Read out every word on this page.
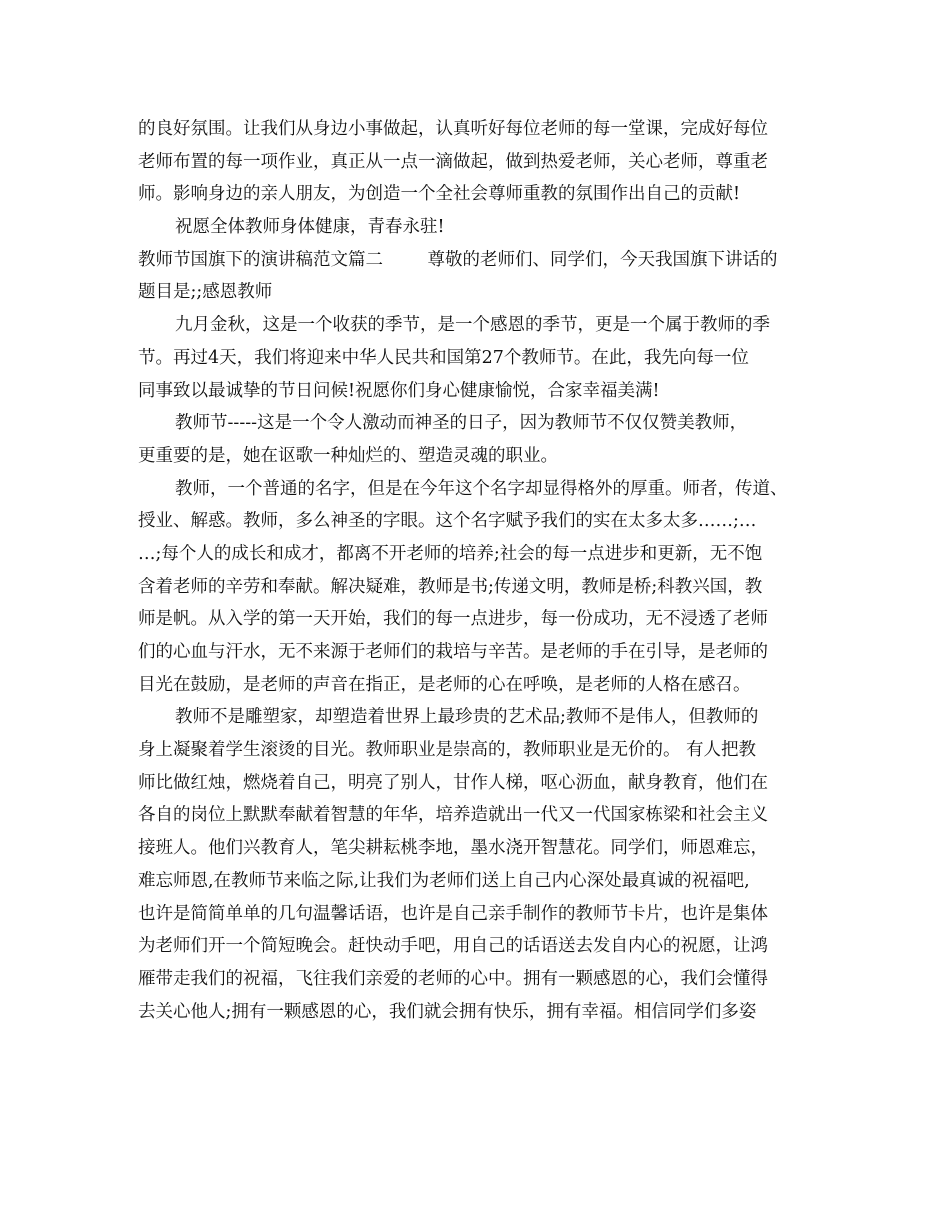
的良好氛围。让我们从身边小事做起，认真听好每位老师的每一堂课，完成好每位
老师布置的每一项作业，真正从一点一滴做起，做到热爱老师，关心老师，尊重老
师。影响身边的亲人朋友，为创造一个全社会尊师重教的氛围作出自己的贡献!
祝愿全体教师身体健康，青春永驻!
教师节国旗下的演讲稿范文篇二        尊敬的老师们、同学们，今天我国旗下讲话的
题目是;;感恩教师
九月金秋，这是一个收获的季节，是一个感恩的季节，更是一个属于教师的季
节。再过4天，我们将迎来中华人民共和国第27个教师节。在此，我先向每一位
同事致以最诚挚的节日问候!祝愿你们身心健康愉悦，合家幸福美满!
教师节-----这是一个令人激动而神圣的日子，因为教师节不仅仅赞美教师，
更重要的是，她在讴歌一种灿烂的、塑造灵魂的职业。
教师，一个普通的名字，但是在今年这个名字却显得格外的厚重。师者，传道、
授业、解惑。教师，多么神圣的字眼。这个名字赋予我们的实在太多太多……;…
…;每个人的成长和成才，都离不开老师的培养;社会的每一点进步和更新，无不饱
含着老师的辛劳和奉献。解决疑难，教师是书;传递文明，教师是桥;科教兴国，教
师是帆。从入学的第一天开始，我们的每一点进步，每一份成功，无不浸透了老师
们的心血与汗水，无不来源于老师们的栽培与辛苦。是老师的手在引导，是老师的
目光在鼓励，是老师的声音在指正，是老师的心在呼唤，是老师的人格在感召。
教师不是雕塑家，却塑造着世界上最珍贵的艺术品;教师不是伟人，但教师的
身上凝聚着学生滚烫的目光。教师职业是崇高的，教师职业是无价的。 有人把教
师比做红烛，燃烧着自己，明亮了别人，甘作人梯，呕心沥血，献身教育，他们在
各自的岗位上默默奉献着智慧的年华，培养造就出一代又一代国家栋梁和社会主义
接班人。他们兴教育人，笔尖耕耘桃李地，墨水浇开智慧花。同学们，师恩难忘，
难忘师恩,在教师节来临之际,让我们为老师们送上自己内心深处最真诚的祝福吧,
也许是简简单单的几句温馨话语，也许是自己亲手制作的教师节卡片，也许是集体
为老师们开一个简短晚会。赶快动手吧，用自己的话语送去发自内心的祝愿，让鸿
雁带走我们的祝福，飞往我们亲爱的老师的心中。拥有一颗感恩的心，我们会懂得
去关心他人;拥有一颗感恩的心，我们就会拥有快乐，拥有幸福。相信同学们多姿
